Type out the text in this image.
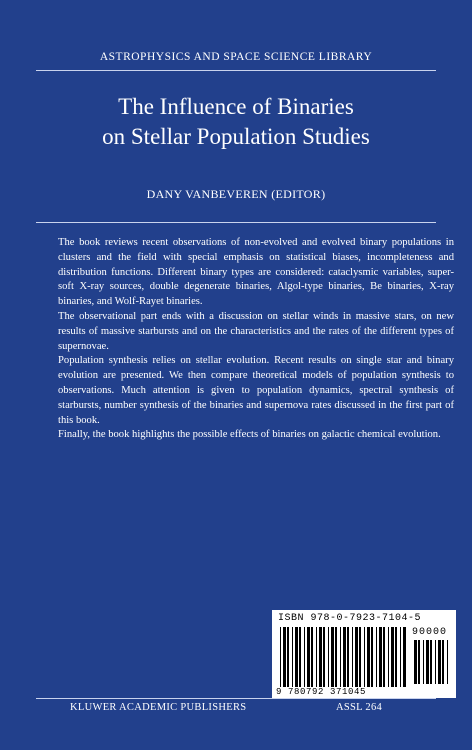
ASTROPHYSICS AND SPACE SCIENCE LIBRARY
The Influence of Binaries
on Stellar Population Studies
DANY VANBEVEREN (EDITOR)

The book reviews recent observations of non-evolved and evolved binary populations in clusters and the field with special emphasis on statistical biases, incompleteness and distribution functions. Different binary types are considered: cataclysmic variables, super-soft X-ray sources, double degenerate binaries, Algol-type binaries, Be binaries, X-ray binaries, and Wolf-Rayet binaries.

The observational part ends with a discussion on stellar winds in massive stars, on new results of massive starbursts and on the characteristics and the rates of the different types of supernovae.

Population synthesis relies on stellar evolution. Recent results on single star and binary evolution are presented. We then compare theoretical models of population synthesis to observations. Much attention is given to population dynamics, spectral synthesis of starbursts, number synthesis of the binaries and supernova rates discussed in the first part of this book.

Finally, the book highlights the possible effects of binaries on galactic chemical evolution.

ISBN 978-0-7923-7104-5
90000
9 780792 371045
KLUWER ACADEMIC PUBLISHERS	ASSL 264
